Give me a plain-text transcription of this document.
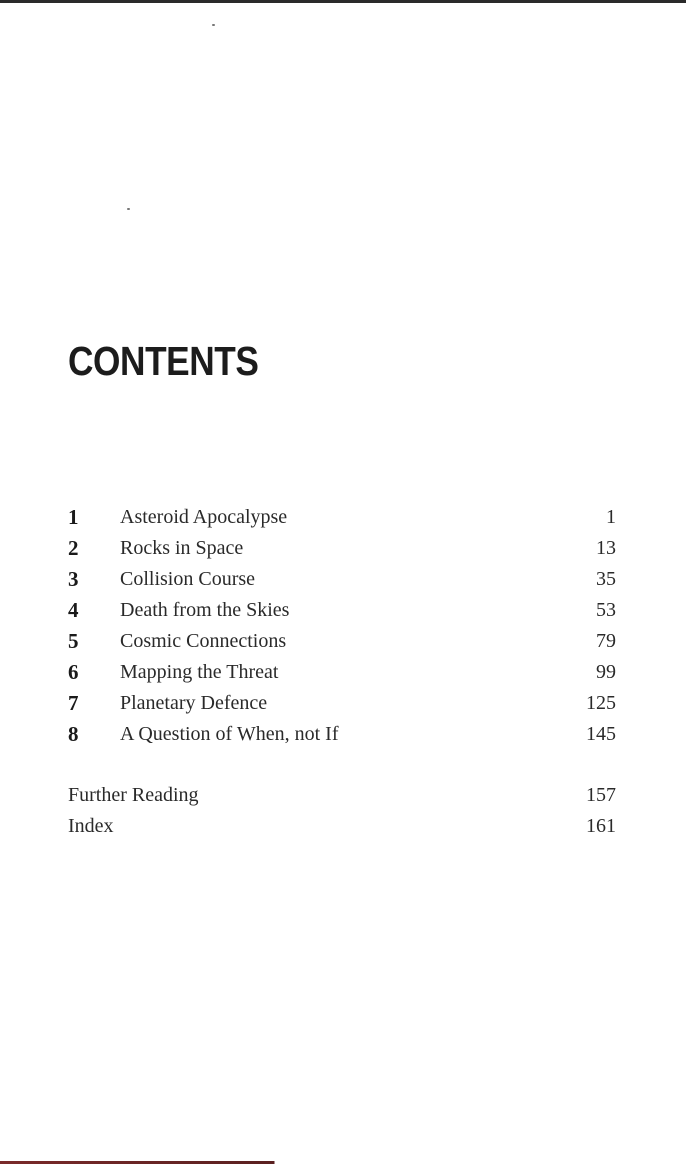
CONTENTS
1 Asteroid Apocalypse	1
2 Rocks in Space	13
3 Collision Course	35
4 Death from the Skies	53
5 Cosmic Connections	79
6 Mapping the Threat	99
7 Planetary Defence	125
8 A Question of When, not If	145
Further Reading	157
Index	161
